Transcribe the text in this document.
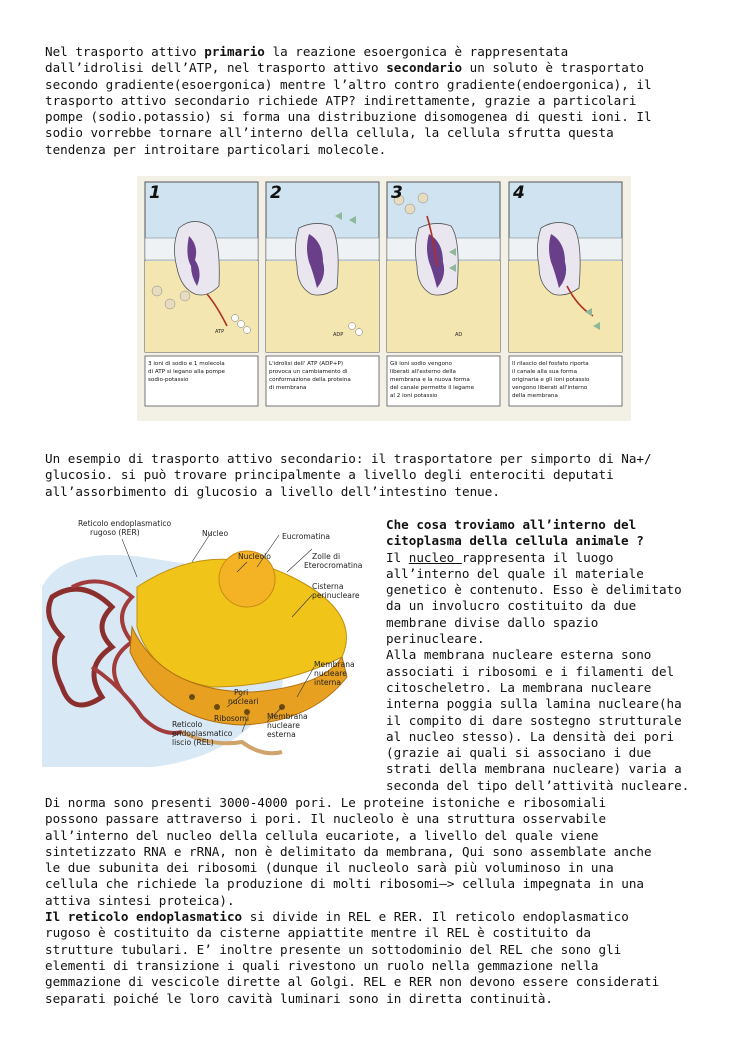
Nel trasporto attivo primario la reazione esoergonica è rappresentata
dall’idrolisi dell’ATP, nel trasporto attivo secondario un soluto è trasportato
secondo gradiente(esoergonica) mentre l’altro contro gradiente(endoergonica), il
trasporto attivo secondario richiede ATP? indirettamente, grazie a particolari
pompe (sodio.potassio) si forma una distribuzione disomogenea di questi ioni. Il
sodio vorrebbe tornare all’interno della cellula, la cellula sfrutta questa
tendenza per introitare particolari molecole.
ATP
1
3 ioni di sodio e 1 molecola di ATP si legano alla pompe sodio-potassio
ADP
2
L'idrolisi dell' ATP (ADP+P) provoca un cambiamento di conformazione della proteina di membrana
AD
3
Gli ioni sodio vengono liberati all'esterno della membrana e la nuova forma del canale permette il legame al 2 ioni potassio
4
Il rilascio del fosfato riporta il canale alla sua forma originaria e gli ioni potassio vengono liberati all'interno della membrana
Un esempio di trasporto attivo secondario: il trasportatore per simporto di Na+/
glucosio. si può trovare principalmente a livello degli enterociti deputati
all’assorbimento di glucosio a livello dell’intestino tenue.
Reticolo endoplasmatico rugoso (RER)	Nucleo	Eucromatina
Nucleolo	Zolle di Eterocromatina
Cisterna perinucleare
Membrana nucleare interna
Pori nucleari
Ribosomi Membrana nucleare esterna
Reticolo endoplasmatico liscio (REL)
Che cosa troviamo all’interno del
citoplasma della cellula animale ?
Il nucleo rappresenta il luogo
all’interno del quale il materiale
genetico è contenuto. Esso è delimitato
da un involucro costituito da due
membrane divise dallo spazio
perinucleare.
Alla membrana nucleare esterna sono
associati i ribosomi e i filamenti del
citoscheletro. La membrana nucleare
interna poggia sulla lamina nucleare(ha
il compito di dare sostegno strutturale
al nucleo stesso). La densità dei pori
(grazie ai quali si associano i due
strati della membrana nucleare) varia a
seconda del tipo dell’attività nucleare.
Di norma sono presenti 3000-4000 pori. Le proteine istoniche e ribosomiali
possono passare attraverso i pori. Il nucleolo è una struttura osservabile
all’interno del nucleo della cellula eucariote, a livello del quale viene
sintetizzato RNA e rRNA, non è delimitato da membrana, Qui sono assemblate anche
le due subunita dei ribosomi (dunque il nucleolo sarà più voluminoso in una
cellula che richiede la produzione di molti ribosomi—> cellula impegnata in una
attiva sintesi proteica).
Il reticolo endoplasmatico si divide in REL e RER. Il reticolo endoplasmatico
rugoso è costituito da cisterne appiattite mentre il REL è costituito da
strutture tubulari. E’ inoltre presente un sottodominio del REL che sono gli
elementi di transizione i quali rivestono un ruolo nella gemmazione nella
gemmazione di vescicole dirette al Golgi. REL e RER non devono essere considerati
separati poiché le loro cavità luminari sono in diretta continuità.
